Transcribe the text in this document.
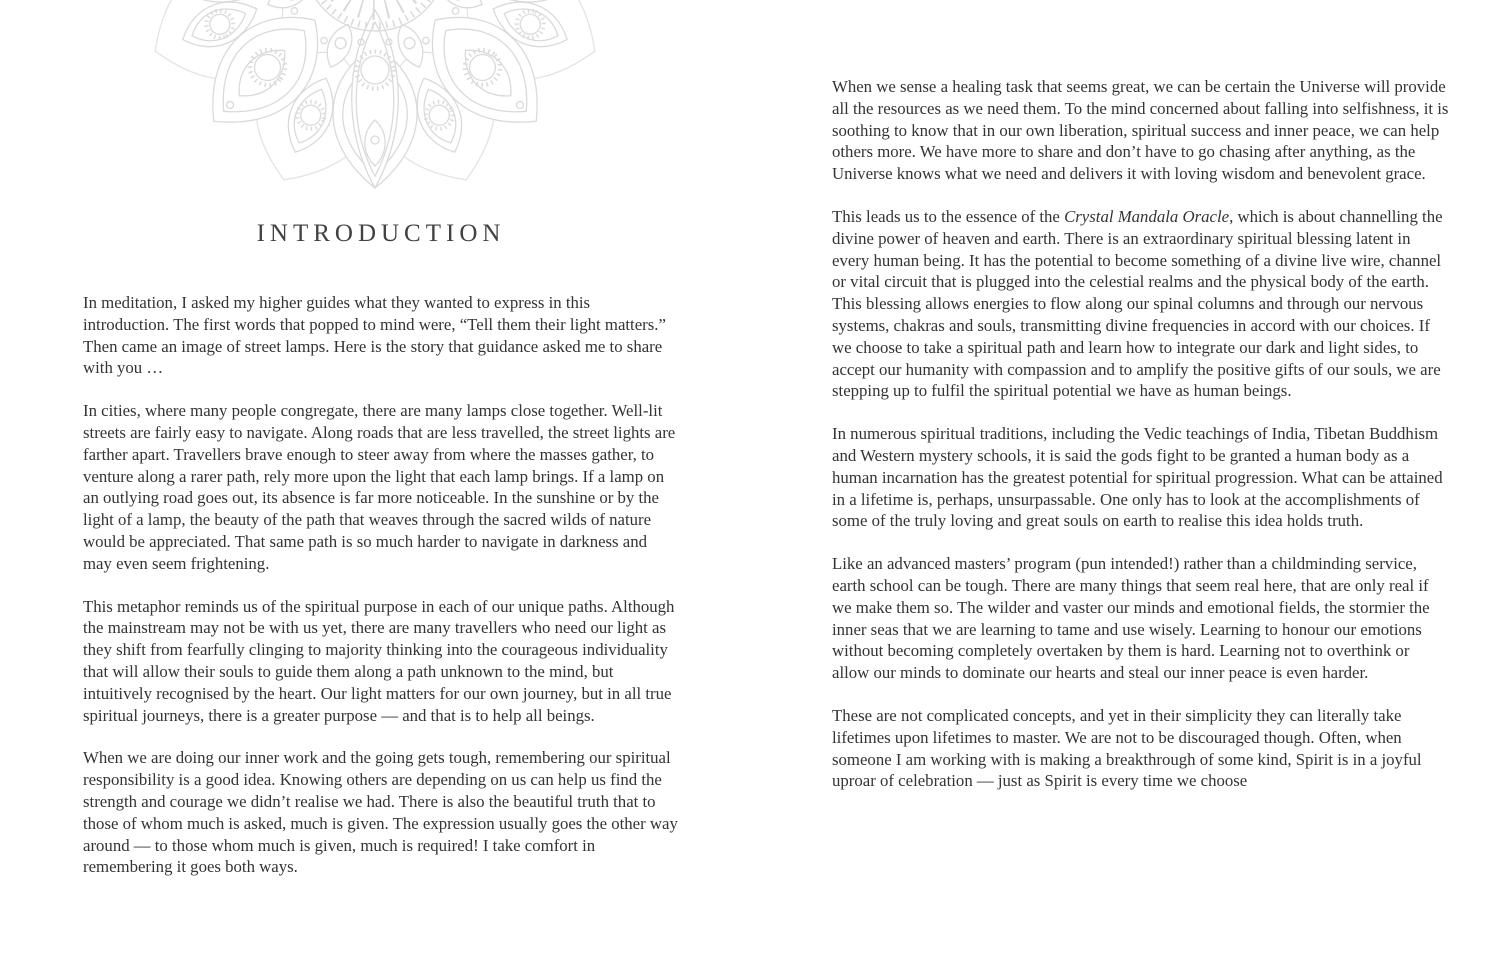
INTRODUCTION

In meditation, I asked my higher guides what they wanted to express in this introduction. The first words that popped to mind were, “Tell them their light matters.” Then came an image of street lamps. Here is the story that guidance asked me to share with you …

In cities, where many people congregate, there are many lamps close together. Well-lit streets are fairly easy to navigate. Along roads that are less travelled, the street lights are farther apart. Travellers brave enough to steer away from where the masses gather, to venture along a rarer path, rely more upon the light that each lamp brings. If a lamp on an outlying road goes out, its absence is far more noticeable. In the sunshine or by the light of a lamp, the beauty of the path that weaves through the sacred wilds of nature would be appreciated. That same path is so much harder to navigate in darkness and may even seem frightening.

This metaphor reminds us of the spiritual purpose in each of our unique paths. Although the mainstream may not be with us yet, there are many travellers who need our light as they shift from fearfully clinging to majority thinking into the courageous individuality that will allow their souls to guide them along a path unknown to the mind, but intuitively recognised by the heart. Our light matters for our own journey, but in all true spiritual journeys, there is a greater purpose — and that is to help all beings.

When we are doing our inner work and the going gets tough, remembering our spiritual responsibility is a good idea. Knowing others are depending on us can help us find the strength and courage we didn’t realise we had. There is also the beautiful truth that to those of whom much is asked, much is given. The expression usually goes the other way around — to those whom much is given, much is required! I take comfort in remembering it goes both ways.

When we sense a healing task that seems great, we can be certain the Universe will provide all the resources as we need them. To the mind concerned about falling into selfishness, it is soothing to know that in our own liberation, spiritual success and inner peace, we can help others more. We have more to share and don’t have to go chasing after anything, as the Universe knows what we need and delivers it with loving wisdom and benevolent grace.

This leads us to the essence of the Crystal Mandala Oracle, which is about channelling the divine power of heaven and earth. There is an extraordinary spiritual blessing latent in every human being. It has the potential to become something of a divine live wire, channel or vital circuit that is plugged into the celestial realms and the physical body of the earth. This blessing allows energies to flow along our spinal columns and through our nervous systems, chakras and souls, transmitting divine frequencies in accord with our choices. If we choose to take a spiritual path and learn how to integrate our dark and light sides, to accept our humanity with compassion and to amplify the positive gifts of our souls, we are stepping up to fulfil the spiritual potential we have as human beings.

In numerous spiritual traditions, including the Vedic teachings of India, Tibetan Buddhism and Western mystery schools, it is said the gods fight to be granted a human body as a human incarnation has the greatest potential for spiritual progression. What can be attained in a lifetime is, perhaps, unsurpassable. One only has to look at the accomplishments of some of the truly loving and great souls on earth to realise this idea holds truth.

Like an advanced masters’ program (pun intended!) rather than a childminding service, earth school can be tough. There are many things that seem real here, that are only real if we make them so. The wilder and vaster our minds and emotional fields, the stormier the inner seas that we are learning to tame and use wisely. Learning to honour our emotions without becoming completely overtaken by them is hard. Learning not to overthink or allow our minds to dominate our hearts and steal our inner peace is even harder.

These are not complicated concepts, and yet in their simplicity they can literally take lifetimes upon lifetimes to master. We are not to be discouraged though. Often, when someone I am working with is making a breakthrough of some kind, Spirit is in a joyful uproar of celebration — just as Spirit is every time we choose
